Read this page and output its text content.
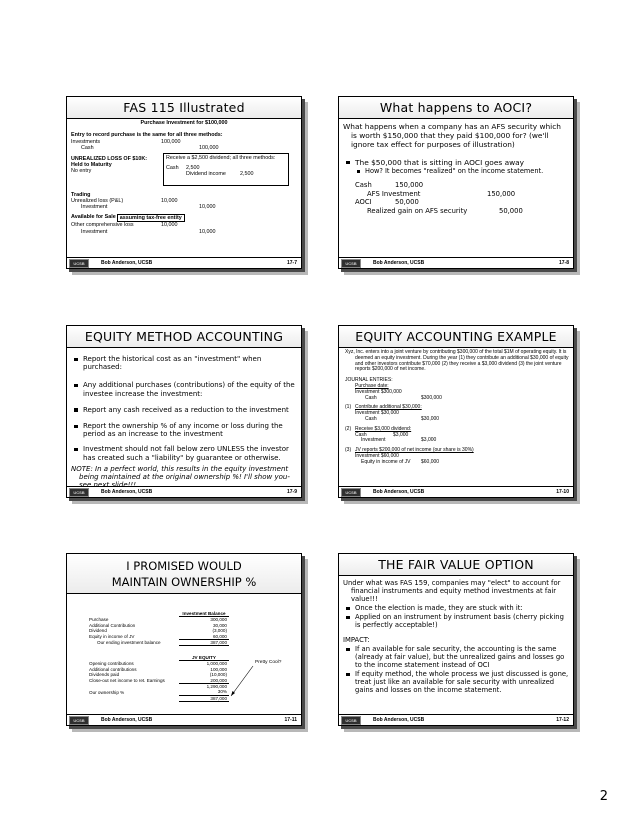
FAS 115 Illustrated
Purchase Investment for $100,000
Entry to record purchase is the same for all three methods:
Investments	100,000
Cash	100,000
UNREALIZED LOSS OF $10K:
Held to Maturity
No entry
Receive a $2,500 dividend; all three methods:
Cash	2,500
Dividend income	2,500
Trading
Unrealized loss (P&L)	10,000
Investment	10,000
Available for Sale assuming tax-free entity
Other comprehensive loss	10,000
Investment	10,000
UCSB	Bob Anderson, UCSB	17-7
What happens to AOCI?
What happens when a company has an AFS security which is worth $150,000 that they paid $100,000 for? (we'll ignore tax effect for purposes of illustration)
The $50,000 that is sitting in AOCI goes away
How? It becomes "realized" on the income statement.
Cash	150,000
AFS Investment	150,000
AOCI	50,000
Realized gain on AFS security	50,000
UCSB	Bob Anderson, UCSB	17-8
EQUITY METHOD ACCOUNTING
Report the historical cost as an "investment" when purchased:
Any additional purchases (contributions) of the equity of the investee increase the investment:
Report any cash received as a reduction to the investment
Report the ownership % of any income or loss during the period as an increase to the investment
Investment should not fall below zero UNLESS the investor has created such a "liability" by guarantee or otherwise.
NOTE: In a perfect world, this results in the equity investment being maintained at the original ownership %! I'll show you-
UCSB	Bob Anderson, UCSB	17-9
EQUITY ACCOUNTING EXAMPLE
Xyz, Inc. enters into a joint venture by contributing $300,000 of the total $1M of operating equity. It is deemed an equity investment. During the year (1) they contribute an additional $30,000 of equity and other investors contribute $70,000 (2) they receive a $3,000 dividend (3) the joint venture reports $200,000 of net income.
JOURNAL ENTRIES:
Purchase date:
Investment $300,000
Cash	$300,000
(1) Contribute additional $30,000:
Investment $30,000
Cash	$30,000
(2) Receive $3,000 dividend:
Cash	$3,000
Investment	$3,000
(3) JV reports $200,000 of net income (our share is 30%)
Investment $60,000
Equity in income of JV	$60,000
UCSB	Bob Anderson, UCSB	17-10
I PROMISED WOULD MAINTAIN OWNERSHIP %
	Investment Balance
Purchase	300,000
Additional Contribution	30,000
Dividend	(3,000)
Equity in income of JV	60,000
Our ending investment balance	387,000
	JV EQUITY
Opening contributions	1,000,000
Additional contributions	100,000
Dividends paid	(10,000)
Close-out net income to ret. Earnings	200,000
	1,290,000
Our ownership %	30%
	387,000
Pretty Cool?
UCSB	Bob Anderson, UCSB	17-11
THE FAIR VALUE OPTION
Under what was FAS 159, companies may "elect" to account for financial instruments and equity method investments at fair value!!!
Once the election is made, they are stuck with it:
Applied on an instrument by instrument basis (cherry picking is perfectly acceptable!)
IMPACT:
If an available for sale security, the accounting is the same (already at fair value), but the unrealized gains and losses go to the income statement instead of OCI
If equity method, the whole process we just discussed is gone, treat just like an available for sale security with unrealized gains and losses on the income statement.
UCSB	Bob Anderson, UCSB	17-12
2
